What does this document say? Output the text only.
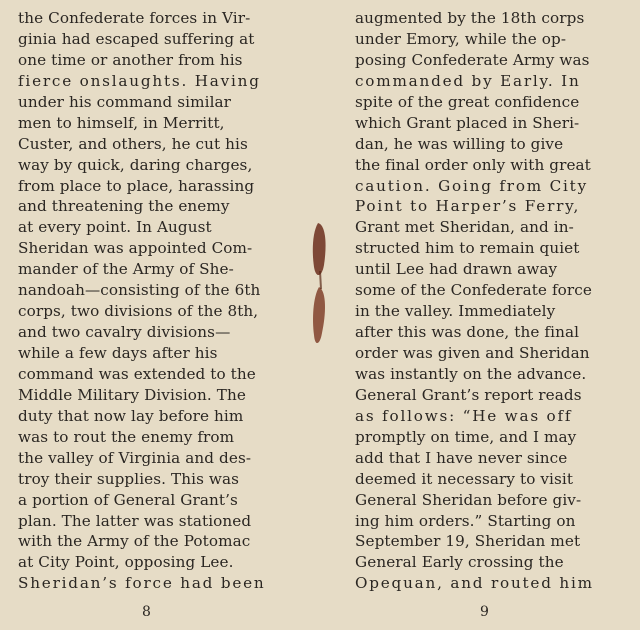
the Confederate forces in Vir-
ginia had escaped suffering at
one time or another from his
fierce onslaughts. Having
under his command similar
men to himself, in Merritt,
Custer, and others, he cut his
way by quick, daring charges,
from place to place, harassing
and threatening the enemy
at every point. In August
Sheridan was appointed Com-
mander of the Army of She-
nandoah—consisting of the 6th
corps, two divisions of the 8th,
and two cavalry divisions—
while a few days after his
command was extended to the
Middle Military Division. The
duty that now lay before him
was to rout the enemy from
the valley of Virginia and des-
troy their supplies. This was
a portion of General Grant’s
plan. The latter was stationed
with the Army of the Potomac
at City Point, opposing Lee.
Sheridan’s force had been
8
augmented by the 18th corps
under Emory, while the op-
posing Confederate Army was
commanded by Early. In
spite of the great confidence
which Grant placed in Sheri-
dan, he was willing to give
the final order only with great
caution. Going from City
Point to Harper’s Ferry,
Grant met Sheridan, and in-
structed him to remain quiet
until Lee had drawn away
some of the Confederate force
in the valley. Immediately
after this was done, the final
order was given and Sheridan
was instantly on the advance.
General Grant’s report reads
as follows: “He was off
promptly on time, and I may
add that I have never since
deemed it necessary to visit
General Sheridan before giv-
ing him orders.” Starting on
September 19, Sheridan met
General Early crossing the
Opequan, and routed him
9
